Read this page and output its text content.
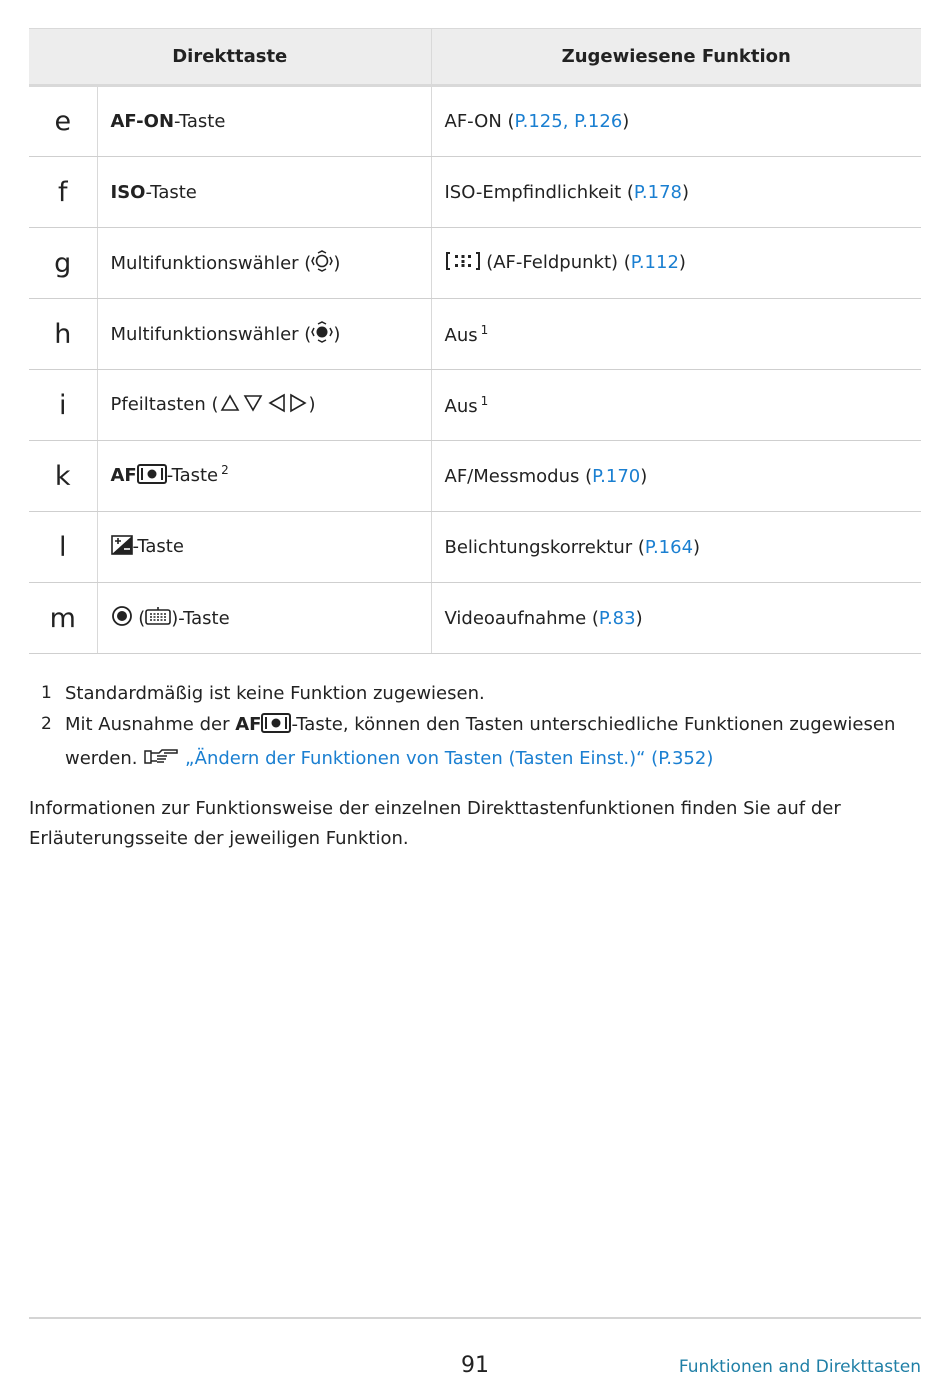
Direkttaste		Zugewiesene Funktion
e	AF-ON-Taste	AF-ON (P.125, P.126)
f	ISO-Taste	ISO-Empfindlichkeit (P.178)
g	Multifunktionswähler ( )	(AF-Feldpunkt) (P.112)
h	Multifunktionswähler ( )	Aus $^1$
i	Pfeiltasten ( )	Aus $^1$
k	AF -Taste $^2$	AF/Messmodus (P.170)
l	-Taste	Belichtungskorrektur (P.164)
m	( )-Taste	Videoaufnahme (P.83)
1 Standardmäßig ist keine Funktion zugewiesen.
2 Mit Ausnahme der AF -Taste, können den Tasten unterschiedliche Funktionen zugewiesen werden.  „Ändern der Funktionen von Tasten (Tasten Einst.)“ (P.352)

Informationen zur Funktionsweise der einzelnen Direkttastenfunktionen finden Sie auf der Erläuterungsseite der jeweiligen Funktion.

91	Funktionen and Direkttasten
